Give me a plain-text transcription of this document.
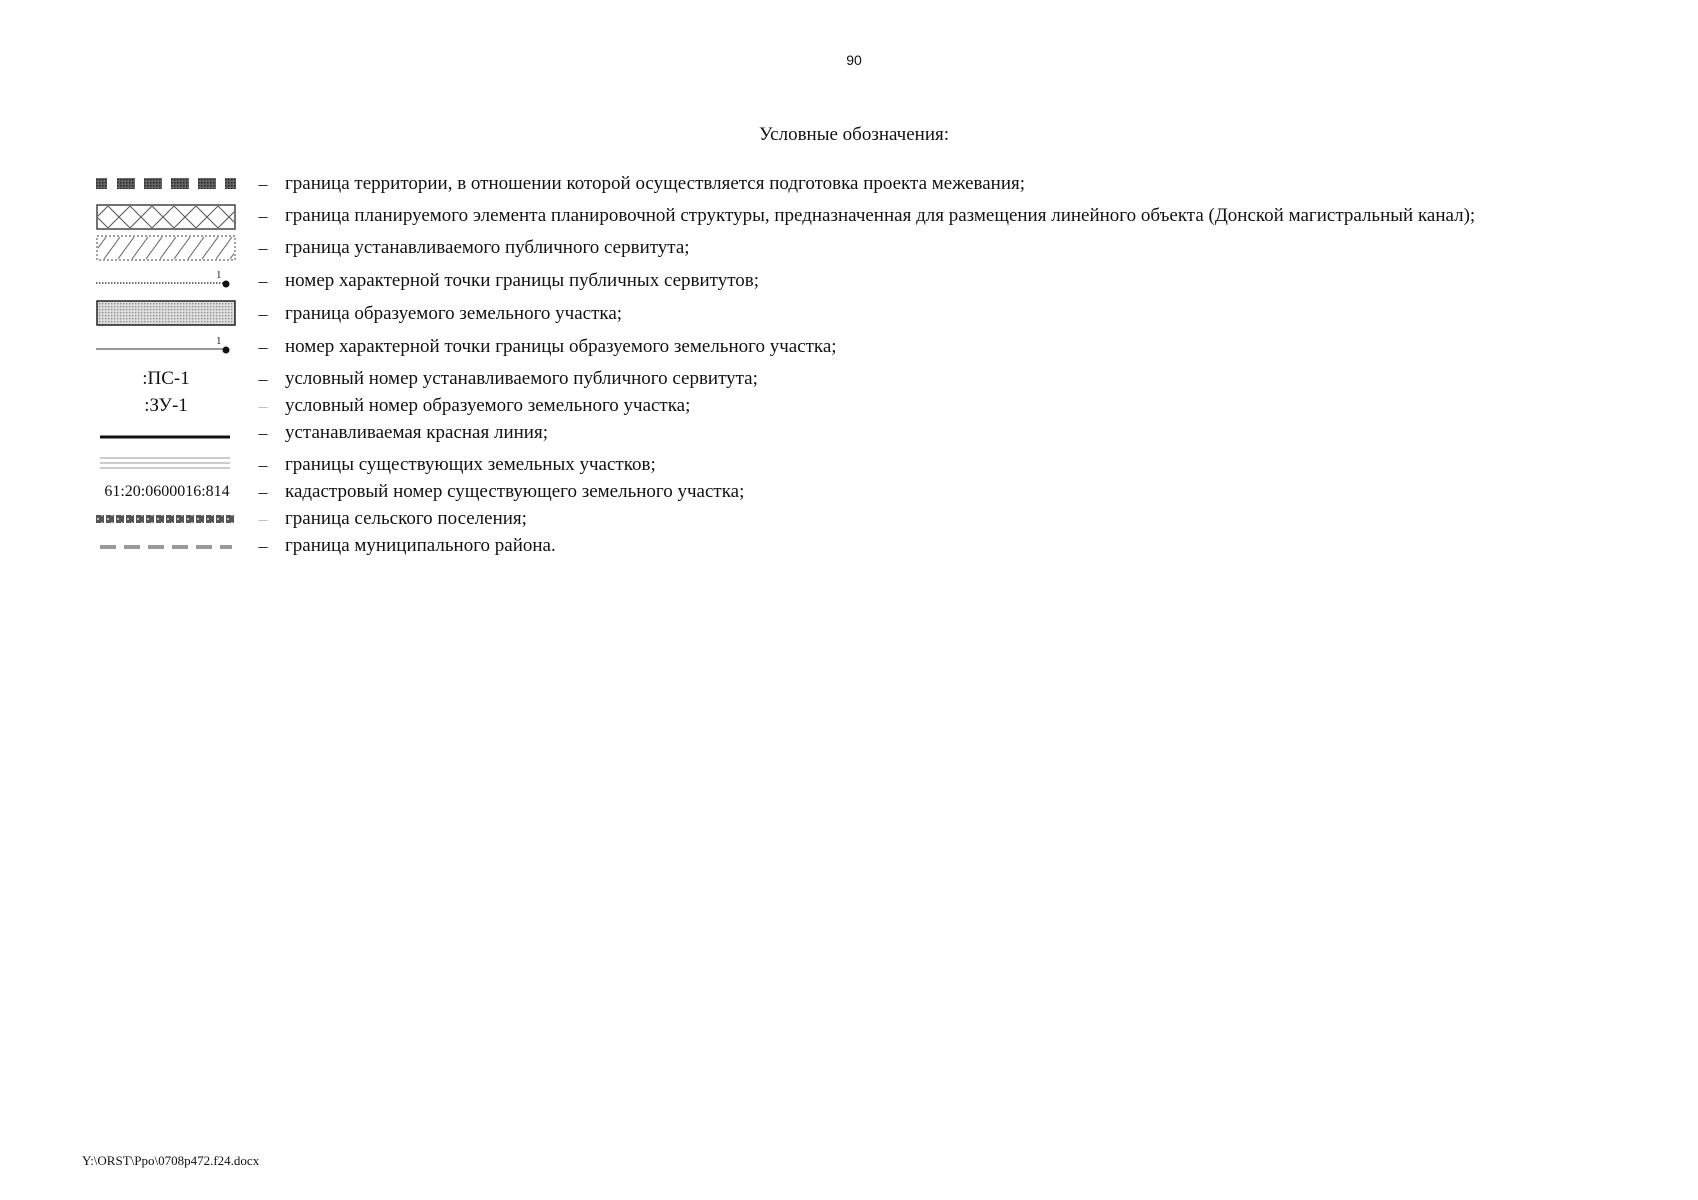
90
Условные обозначения:
– граница территории, в отношении которой осуществляется подготовка проекта межевания;
– граница планируемого элемента планировочной структуры, предназначенная для размещения линейного объекта (Донской магистральный канал);
– граница устанавливаемого публичного сервитута;
1 – номер характерной точки границы публичных сервитутов;
– граница образуемого земельного участка;
1 – номер характерной точки границы образуемого земельного участка;
:ПС-1	– условный номер устанавливаемого публичного сервитута;
:ЗУ-1	– условный номер образуемого земельного участка;
– устанавливаемая красная линия;
– границы существующих земельных участков;
61:20:0600016:814	– кадастровый номер существующего земельного участка;
– граница сельского поселения;
– граница муниципального района.
Y:\ORST\Ppo\0708p472.f24.docx
